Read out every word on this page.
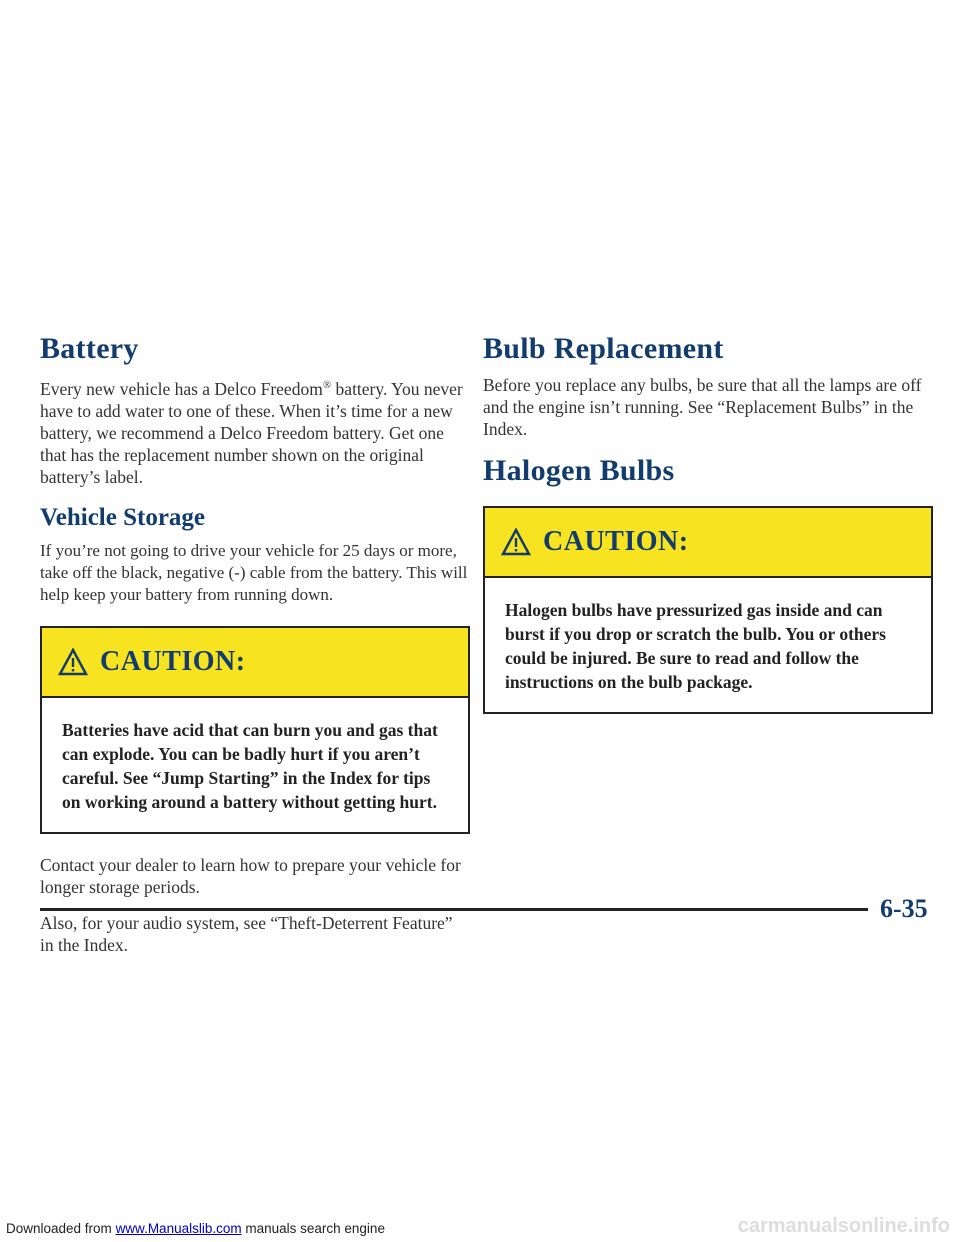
Battery

Every new vehicle has a Delco Freedom® battery. You never have to add water to one of these. When it’s time for a new battery, we recommend a Delco Freedom battery. Get one that has the replacement number shown on the original battery’s label.

Vehicle Storage

If you’re not going to drive your vehicle for 25 days or more, take off the black, negative (-) cable from the battery. This will help keep your battery from running down.

CAUTION:
Batteries have acid that can burn you and gas that can explode. You can be badly hurt if you aren’t careful. See “Jump Starting” in the Index for tips on working around a battery without getting hurt.

Contact your dealer to learn how to prepare your vehicle for longer storage periods.

Also, for your audio system, see “Theft-Deterrent Feature” in the Index.

Bulb Replacement

Before you replace any bulbs, be sure that all the lamps are off and the engine isn’t running. See “Replacement Bulbs” in the Index.

Halogen Bulbs
CAUTION:
Halogen bulbs have pressurized gas inside and can burst if you drop or scratch the bulb. You or others could be injured. Be sure to read and follow the instructions on the bulb package.
6-35
Downloaded from www.Manualslib.com manuals search engine	carmanualsonline.info
